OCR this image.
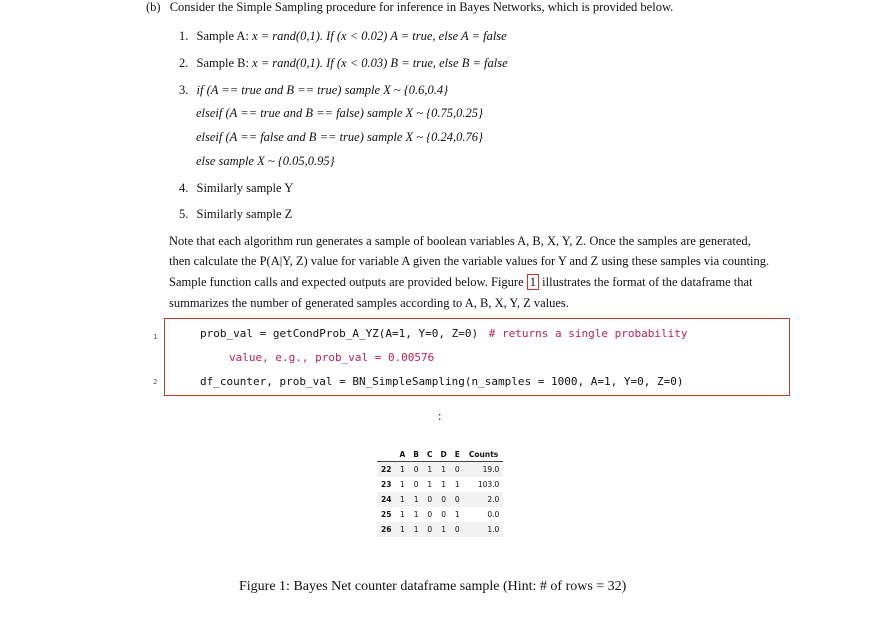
(b) Consider the Simple Sampling procedure for inference in Bayes Networks, which is provided below.
1. Sample A: x = rand(0,1). If (x < 0.02) A = true, else A = false
2. Sample B: x = rand(0,1). If (x < 0.03) B = true, else B = false
3. if (A == true and B == true) sample X ~ {0.6,0.4}
elseif (A == true and B == false) sample X ~ {0.75,0.25}
elseif (A == false and B == true) sample X ~ {0.24,0.76}
else sample X ~ {0.05,0.95}
4. Similarly sample Y
5. Similarly sample Z
Note that each algorithm run generates a sample of boolean variables A, B, X, Y, Z. Once the samples are generated,
then calculate the P(A|Y, Z) value for variable A given the variable values for Y and Z using these samples via counting.
Sample function calls and expected outputs are provided below. Figure 1 illustrates the format of the dataframe that
summarizes the number of generated samples according to A, B, X, Y, Z values.
1	prob_val = getCondProb_A_YZ(A=1, Y=0, Z=0) # returns a single probability
value, e.g., prob_val = 0.00576
2	df_counter, prob_val = BN_SimpleSampling(n_samples = 1000, A=1, Y=0, Z=0)
:
	A	B	C	D	E	Counts
22	1	0	1	1	0	19.0
23	1	0	1	1	1	103.0
24	1	1	0	0	0	2.0
25	1	1	0	0	1	0.0
26	1	1	0	1	0	1.0
Figure 1: Bayes Net counter dataframe sample (Hint: # of rows = 32)
